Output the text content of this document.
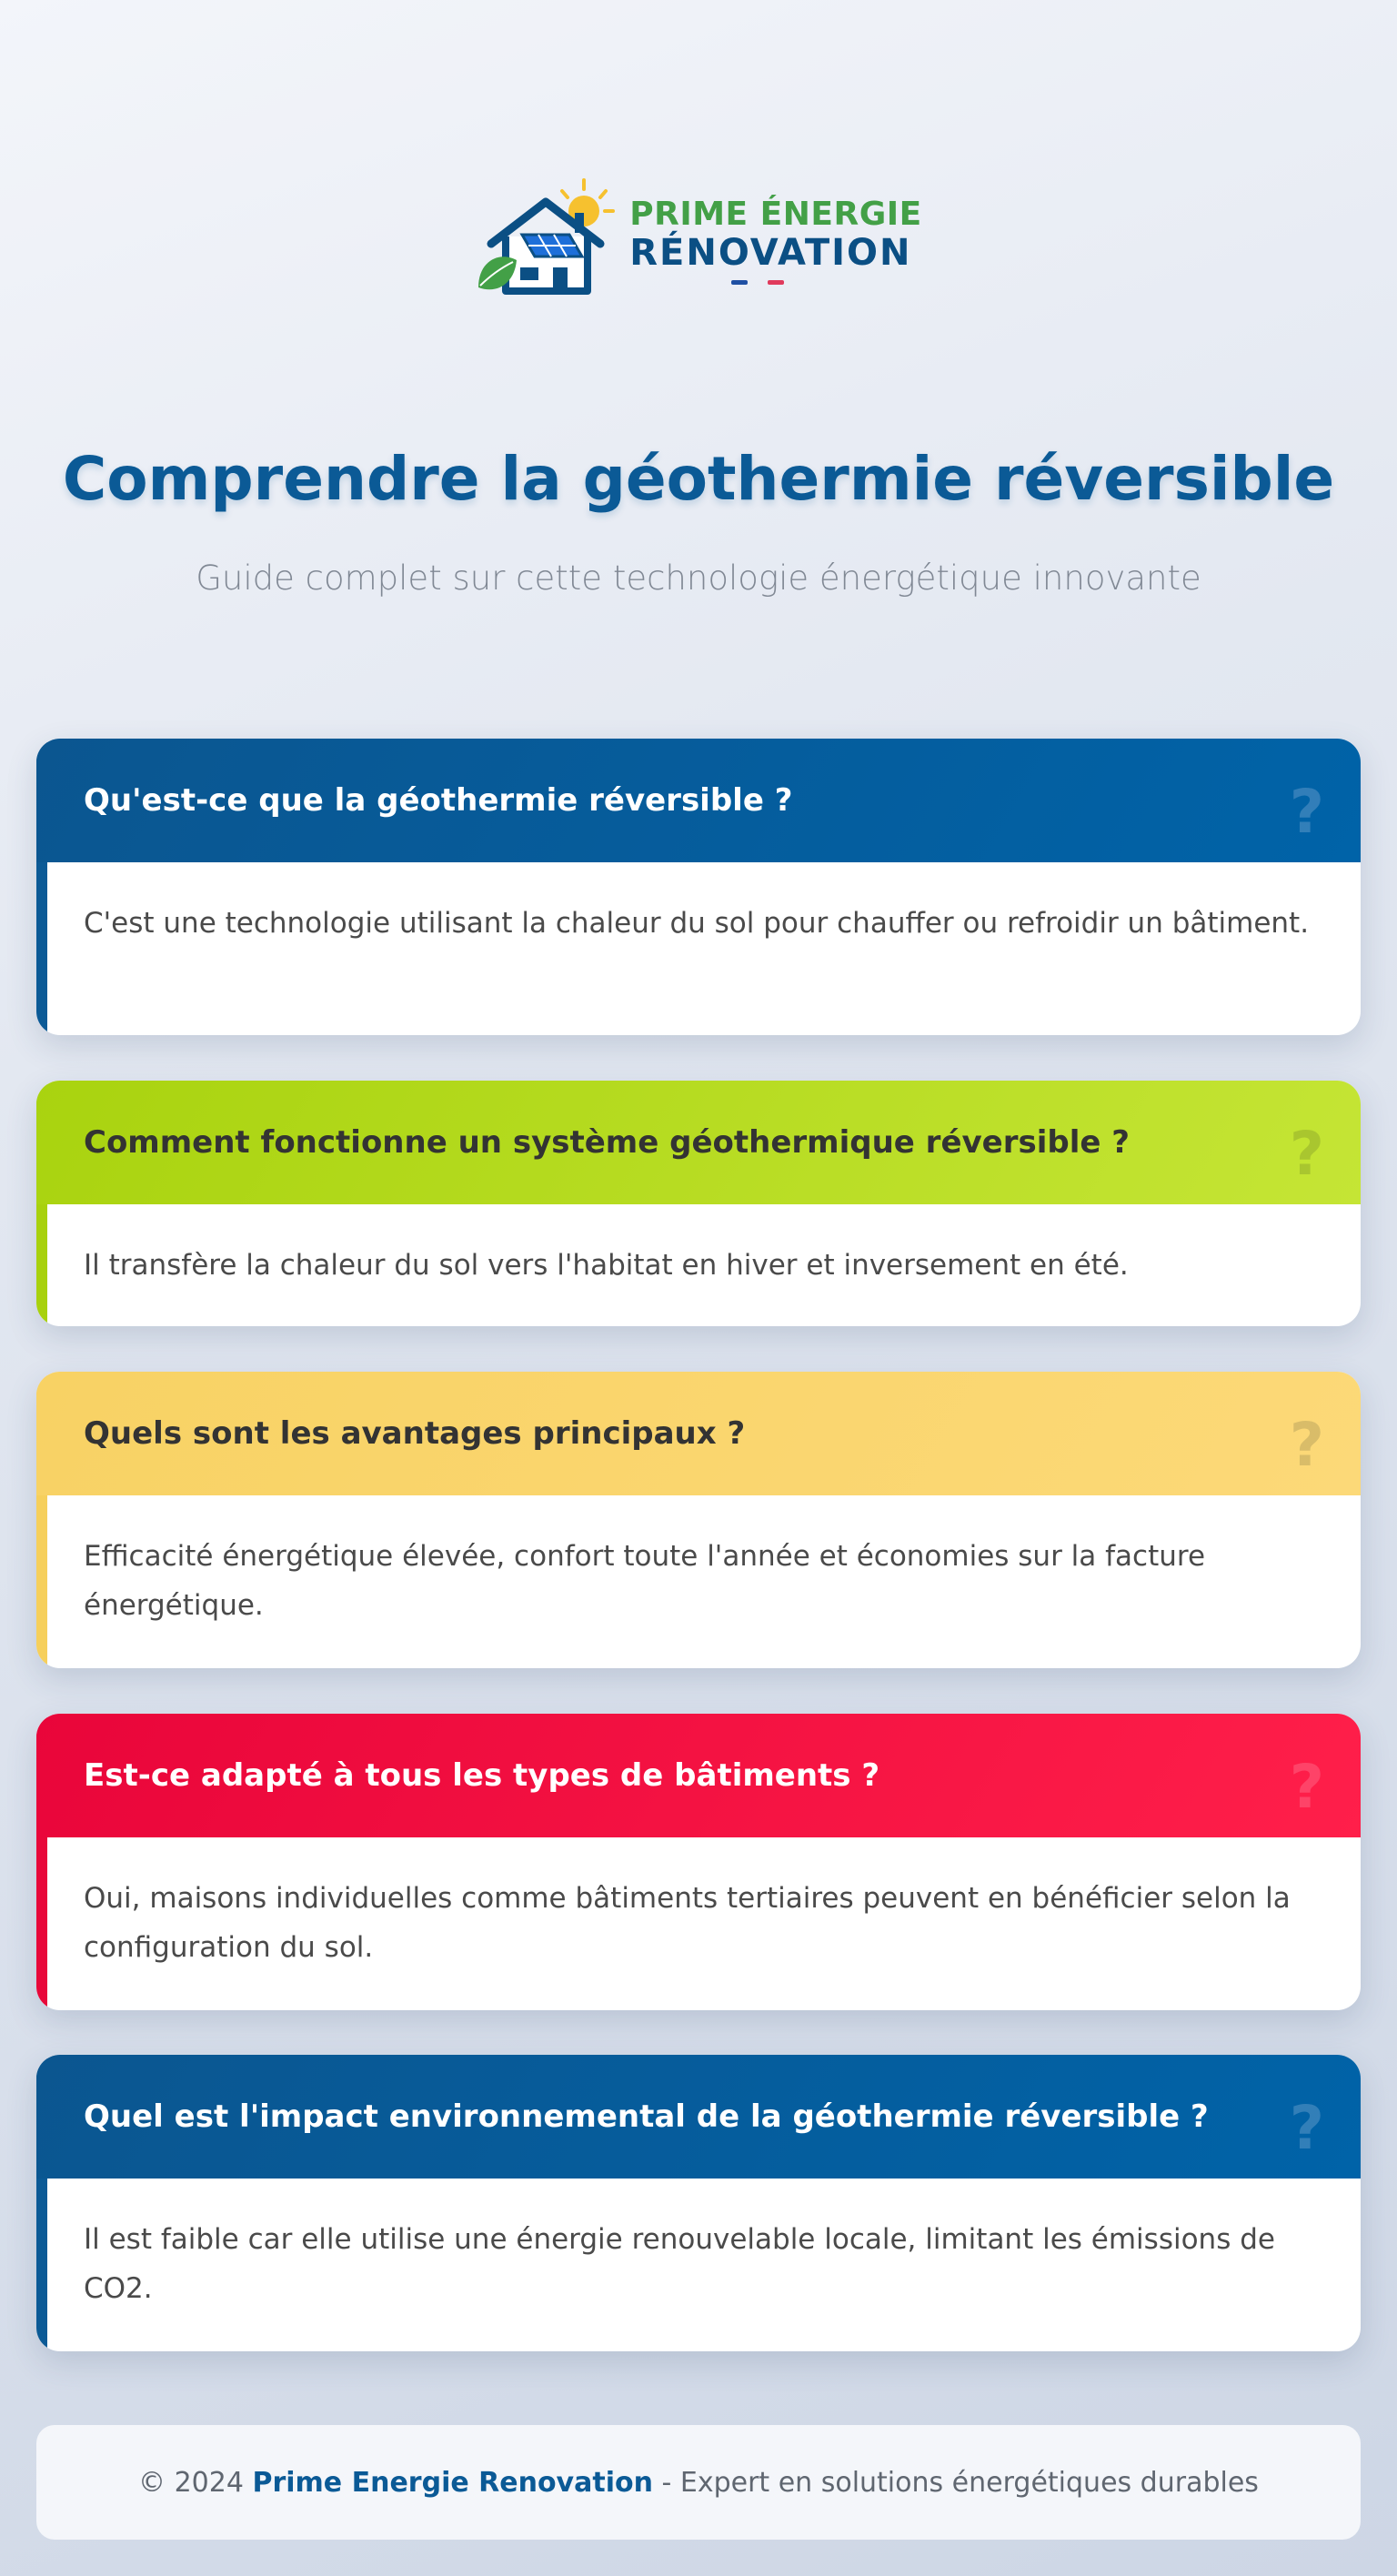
PRIME ÉNERGIE
RÉNOVATION
Comprendre la géothermie réversible
Guide complet sur cette technologie énergétique innovante
Qu'est-ce que la géothermie réversible ?	?
C'est une technologie utilisant la chaleur du sol pour chauffer ou refroidir un bâtiment.
Comment fonctionne un système géothermique réversible ?	?
Il transfère la chaleur du sol vers l'habitat en hiver et inversement en été.
Quels sont les avantages principaux ?	?
Efficacité énergétique élevée, confort toute l'année et économies sur la facture énergétique.
Est-ce adapté à tous les types de bâtiments ?	?
Oui, maisons individuelles comme bâtiments tertiaires peuvent en bénéficier selon la configuration du sol.
Quel est l'impact environnemental de la géothermie réversible ? ?
Il est faible car elle utilise une énergie renouvelable locale, limitant les émissions de CO2.
© 2024
Prime Energie Renovation
- Expert en solutions énergétiques durables
